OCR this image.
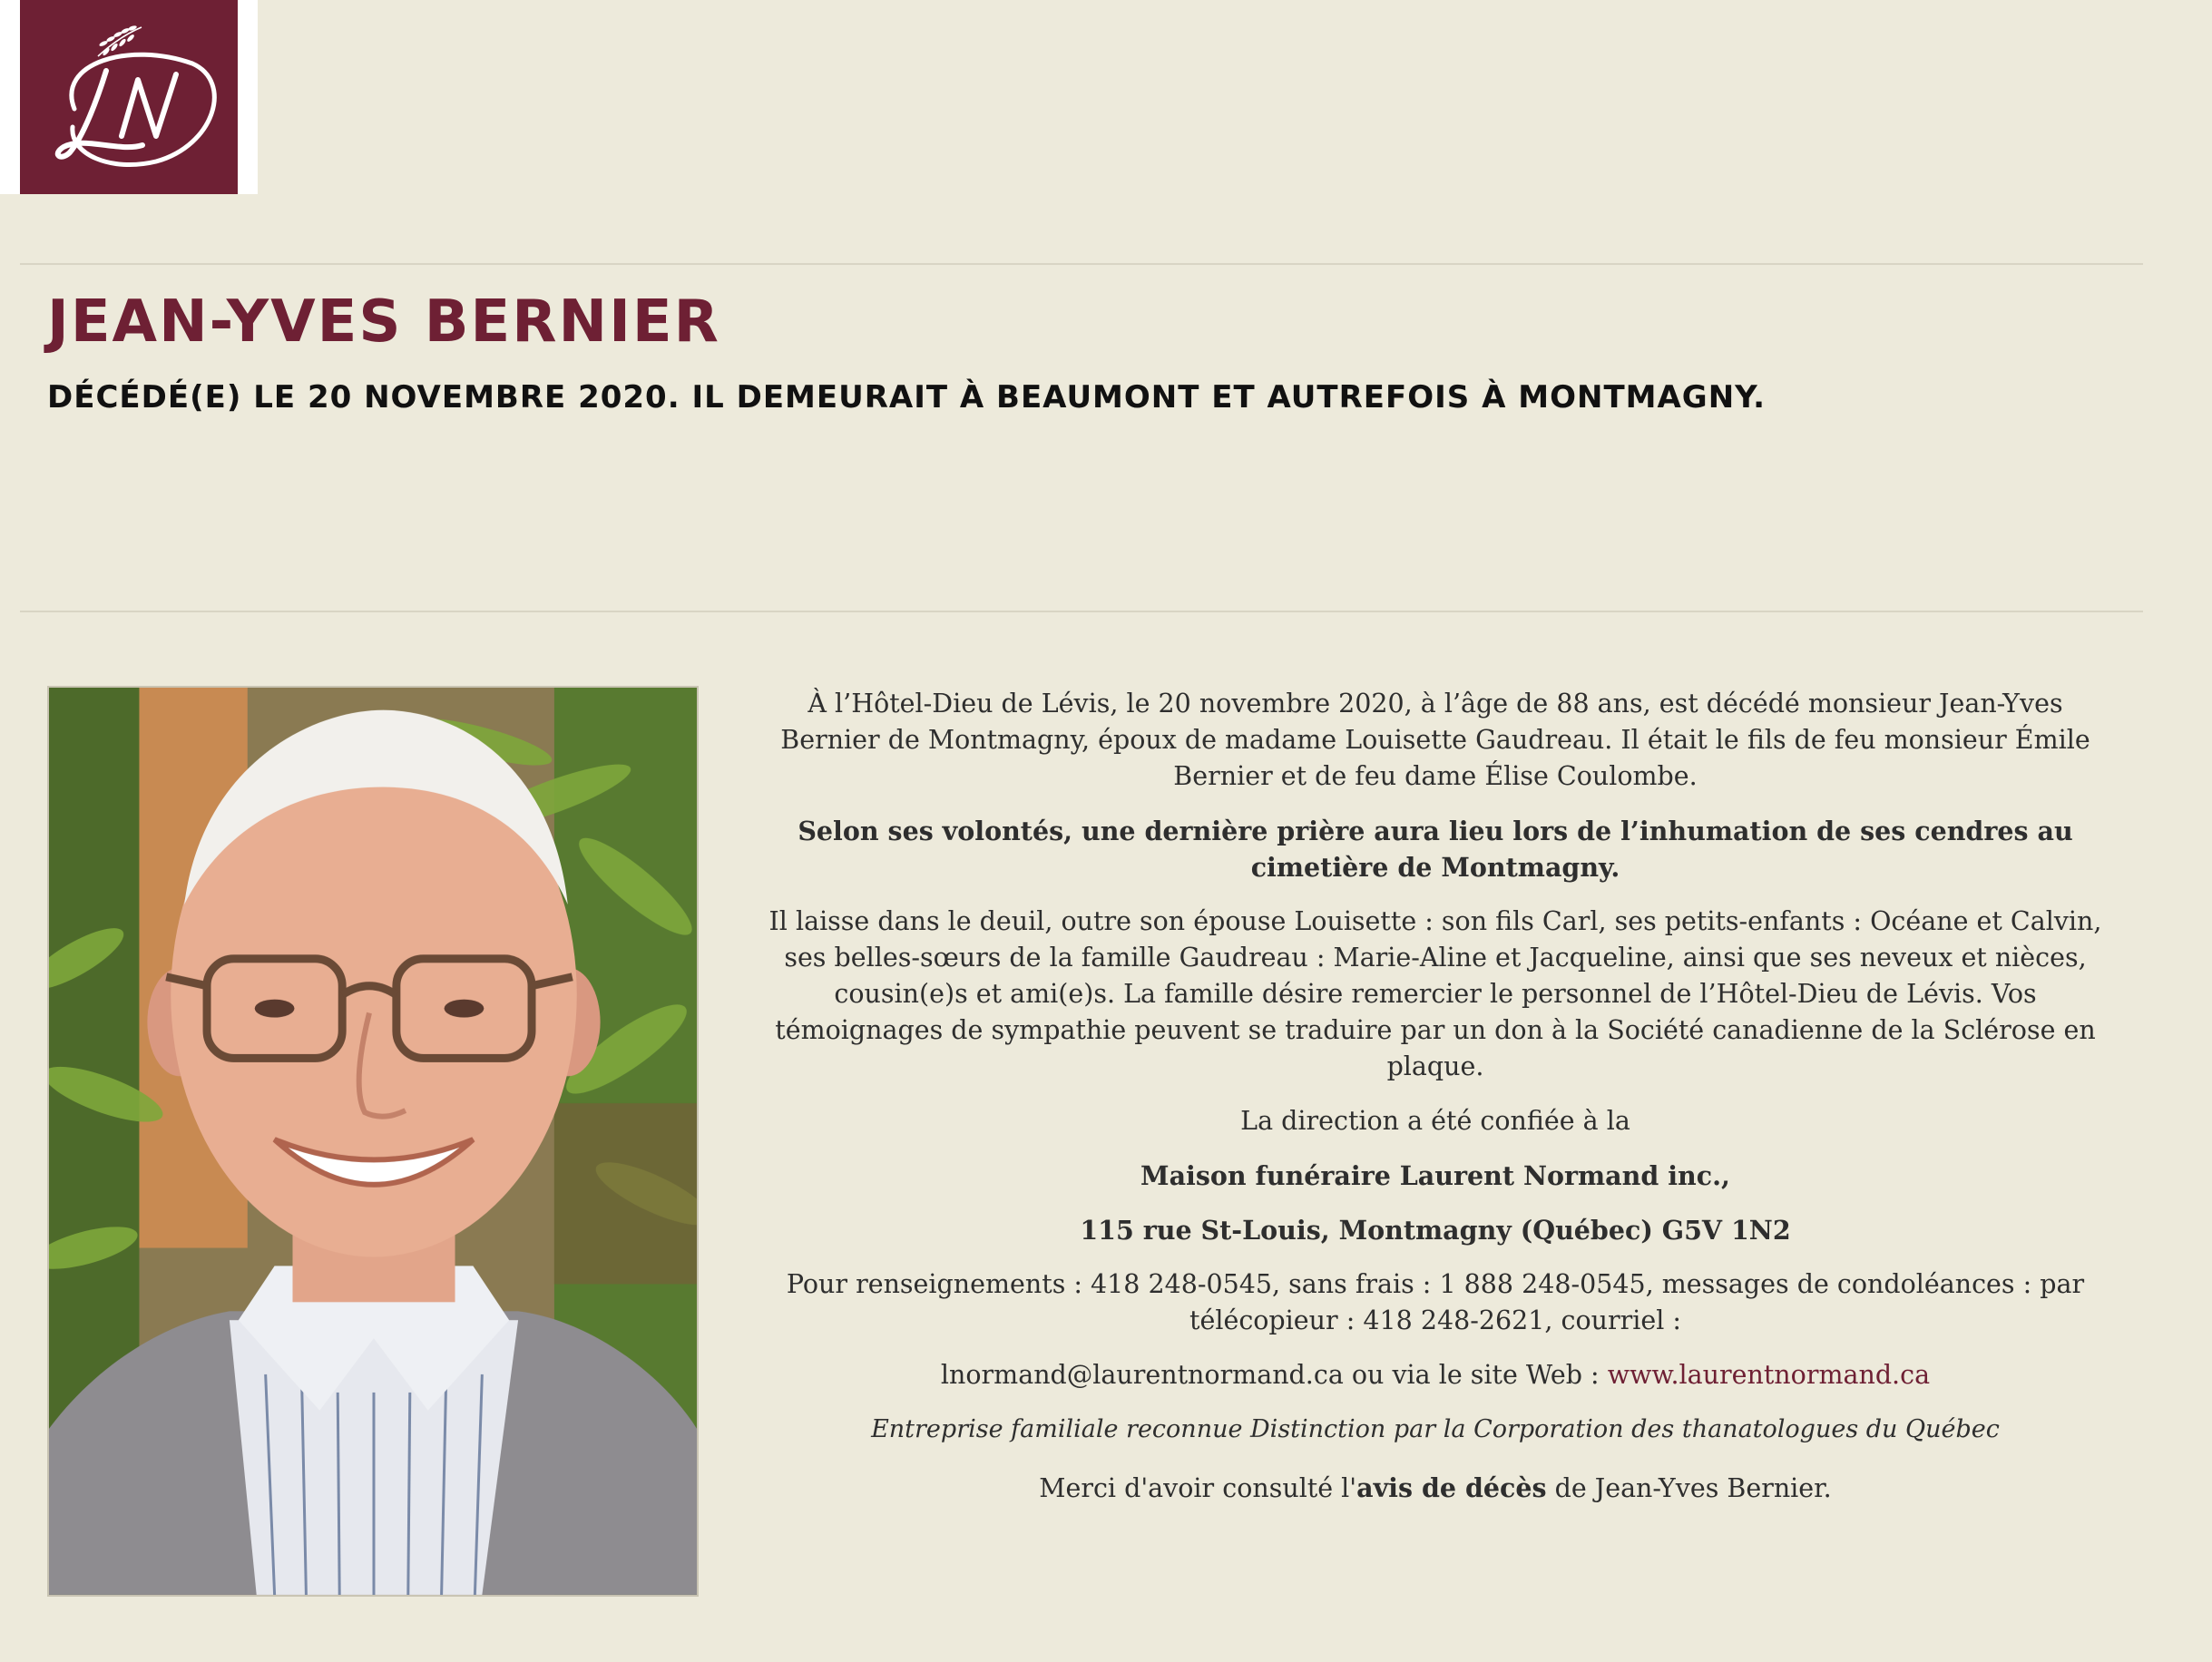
JEAN-YVES BERNIER
DÉCÉDÉ(E) LE 20 NOVEMBRE 2020. IL DEMEURAIT À BEAUMONT ET AUTREFOIS À MONTMAGNY.

À l’Hôtel-Dieu de Lévis, le 20 novembre 2020, à l’âge de 88 ans, est décédé monsieur Jean-Yves Bernier de Montmagny, époux de madame Louisette Gaudreau. Il était le fils de feu monsieur Émile Bernier et de feu dame Élise Coulombe.

Selon ses volontés, une dernière prière aura lieu lors de l’inhumation de ses cendres au cimetière de Montmagny.

Il laisse dans le deuil, outre son épouse Louisette : son fils Carl, ses petits-enfants : Océane et Calvin, ses belles-sœurs de la famille Gaudreau : Marie-Aline et Jacqueline, ainsi que ses neveux et nièces, cousin(e)s et ami(e)s. La famille désire remercier le personnel de l’Hôtel-Dieu de Lévis. Vos témoignages de sympathie peuvent se traduire par un don à la Société canadienne de la Sclérose en plaque.

La direction a été confiée à la

Maison funéraire Laurent Normand inc.,

115 rue St-Louis, Montmagny (Québec) G5V 1N2

Pour renseignements : 418 248-0545, sans frais : 1 888 248-0545, messages de condoléances : par télécopieur : 418 248-2621, courriel :

lnormand@laurentnormand.ca ou via le site Web : www.laurentnormand.ca

Entreprise familiale reconnue Distinction par la Corporation des thanatologues du Québec

Merci d'avoir consulté l'avis de décès de Jean-Yves Bernier.
